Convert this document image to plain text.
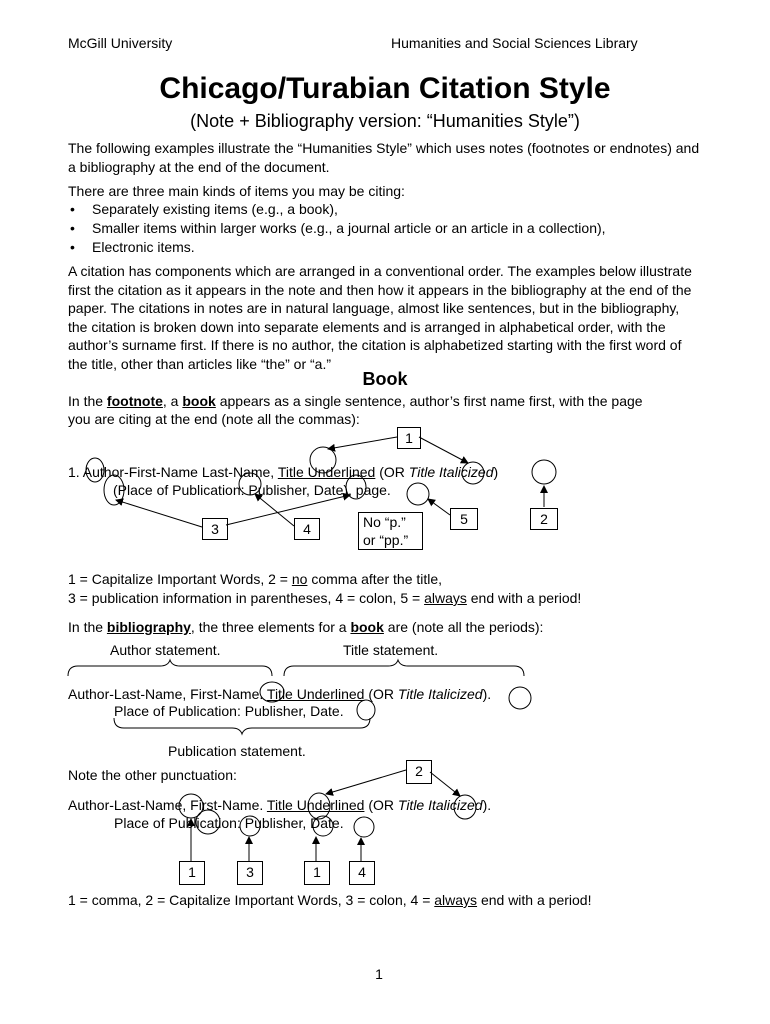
McGill University	Humanities and Social Sciences Library
Chicago/Turabian Citation Style
(Note + Bibliography version: “Humanities Style”)
The following examples illustrate the “Humanities Style” which uses notes (footnotes or endnotes) and a bibliography at the end of the document.
There are three main kinds of items you may be citing:
• Separately existing items (e.g., a book),
• Smaller items within larger works (e.g., a journal article or an article in a collection),
• Electronic items.
A citation has components which are arranged in a conventional order. The examples below illustrate first the citation as it appears in the note and then how it appears in the bibliography at the end of the paper. The citations in notes are in natural language, almost like sentences, but in the bibliography, the citation is broken down into separate elements and is arranged in alphabetical order, with the author’s surname first. If there is no author, the citation is alphabetized starting with the first word of the title, other than articles like “the” or “a.”
Book
In the footnote, a book appears as a single sentence, author’s first name first, with the page
you are citing at the end (note all the commas):
1. Author-First-Name Last-Name, Title Underlined (OR Title Italicized)
(Place of Publication: Publisher, Date), page.
1
3	4
5	2
No “p.”
or “pp.”
1 = Capitalize Important Words, 2 = no comma after the title,
3 = publication information in parentheses, 4 = colon, 5 = always end with a period!
In the bibliography, the three elements for a book are (note all the periods):
Author statement.	Title statement.
Author-Last-Name, First-Name. Title Underlined (OR Title Italicized).
Place of Publication: Publisher, Date.
Publication statement.
Note the other punctuation:
Author-Last-Name, First-Name. Title Underlined (OR Title Italicized).
Place of Publication: Publisher, Date.
2
1	3	1	4
1 = comma, 2 = Capitalize Important Words, 3 = colon, 4 = always end with a period!
1
